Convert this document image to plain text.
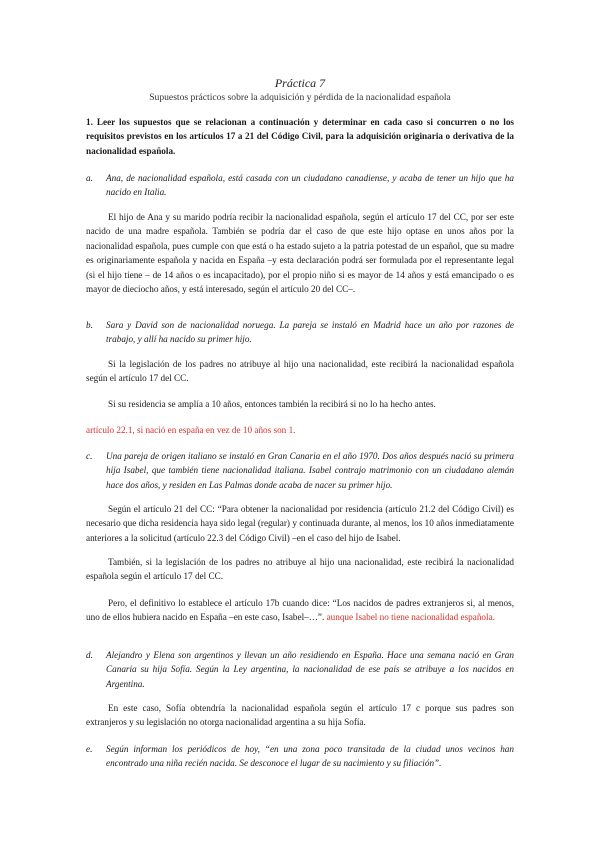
Práctica 7
Supuestos prácticos sobre la adquisición y pérdida de la nacionalidad española
1. Leer los supuestos que se relacionan a continuación y determinar en cada caso si concurren o no los requisitos previstos en los artículos 17 a 21 del Código Civil, para la adquisición originaria o derivativa de la nacionalidad española.
a.	Ana, de nacionalidad española, está casada con un ciudadano canadiense, y acaba de tener un hijo que ha nacido en Italia.
El hijo de Ana y su marido podría recibir la nacionalidad española, según el artículo 17 del CC, por ser este nacido de una madre española. También se podría dar el caso de que este hijo optase en unos años por la nacionalidad española, pues cumple con que está o ha estado sujeto a la patria potestad de un español, que su madre es originariamente española y nacida en España –y esta declaración podrá ser formulada por el representante legal (si el hijo tiene – de 14 años o es incapacitado), por el propio niño si es mayor de 14 años y está emancipado o es mayor de dieciocho años, y está interesado, según el artículo 20 del CC–.
b.	Sara y David son de nacionalidad noruega. La pareja se instaló en Madrid hace un año por razones de trabajo, y allí ha nacido su primer hijo.
Si la legislación de los padres no atribuye al hijo una nacionalidad, este recibirá la nacionalidad española según el artículo 17 del CC.
Si su residencia se amplía a 10 años, entonces también la recibirá si no lo ha hecho antes.
artículo 22.1, si nació en españa en vez de 10 años son 1.
c.	Una pareja de origen italiano se instaló en Gran Canaria en el año 1970. Dos años después nació su primera hija Isabel, que también tiene nacionalidad italiana. Isabel contrajo matrimonio con un ciudadano alemán hace dos años, y residen en Las Palmas donde acaba de nacer su primer hijo.
Según el artículo 21 del CC: “Para obtener la nacionalidad por residencia (artículo 21.2 del Código Civil) es necesario que dicha residencia haya sido legal (regular) y continuada durante, al menos, los 10 años inmediatamente anteriores a la solicitud (artículo 22.3 del Código Civil) –en el caso del hijo de Isabel.
También, si la legislación de los padres no atribuye al hijo una nacionalidad, este recibirá la nacionalidad española según el artículo 17 del CC.
Pero, el definitivo lo establece el artículo 17b cuando dice: “Los nacidos de padres extranjeros si, al menos, uno de ellos hubiera nacido en España –en este caso, Isabel–…”. aunque Isabel no tiene nacionalidad española.
d.	Alejandro y Elena son argentinos y llevan un año residiendo en España. Hace una semana nació en Gran Canaria su hija Sofía. Según la Ley argentina, la nacionalidad de ese país se atribuye a los nacidos en Argentina.
En este caso, Sofía obtendría la nacionalidad española según el artículo 17 c porque sus padres son extranjeros y su legislación no otorga nacionalidad argentina a su hija Sofía.
e.	Según informan los periódicos de hoy, “en una zona poco transitada de la ciudad unos vecinos han encontrado una niña recién nacida. Se desconoce el lugar de su nacimiento y su filiación”.
